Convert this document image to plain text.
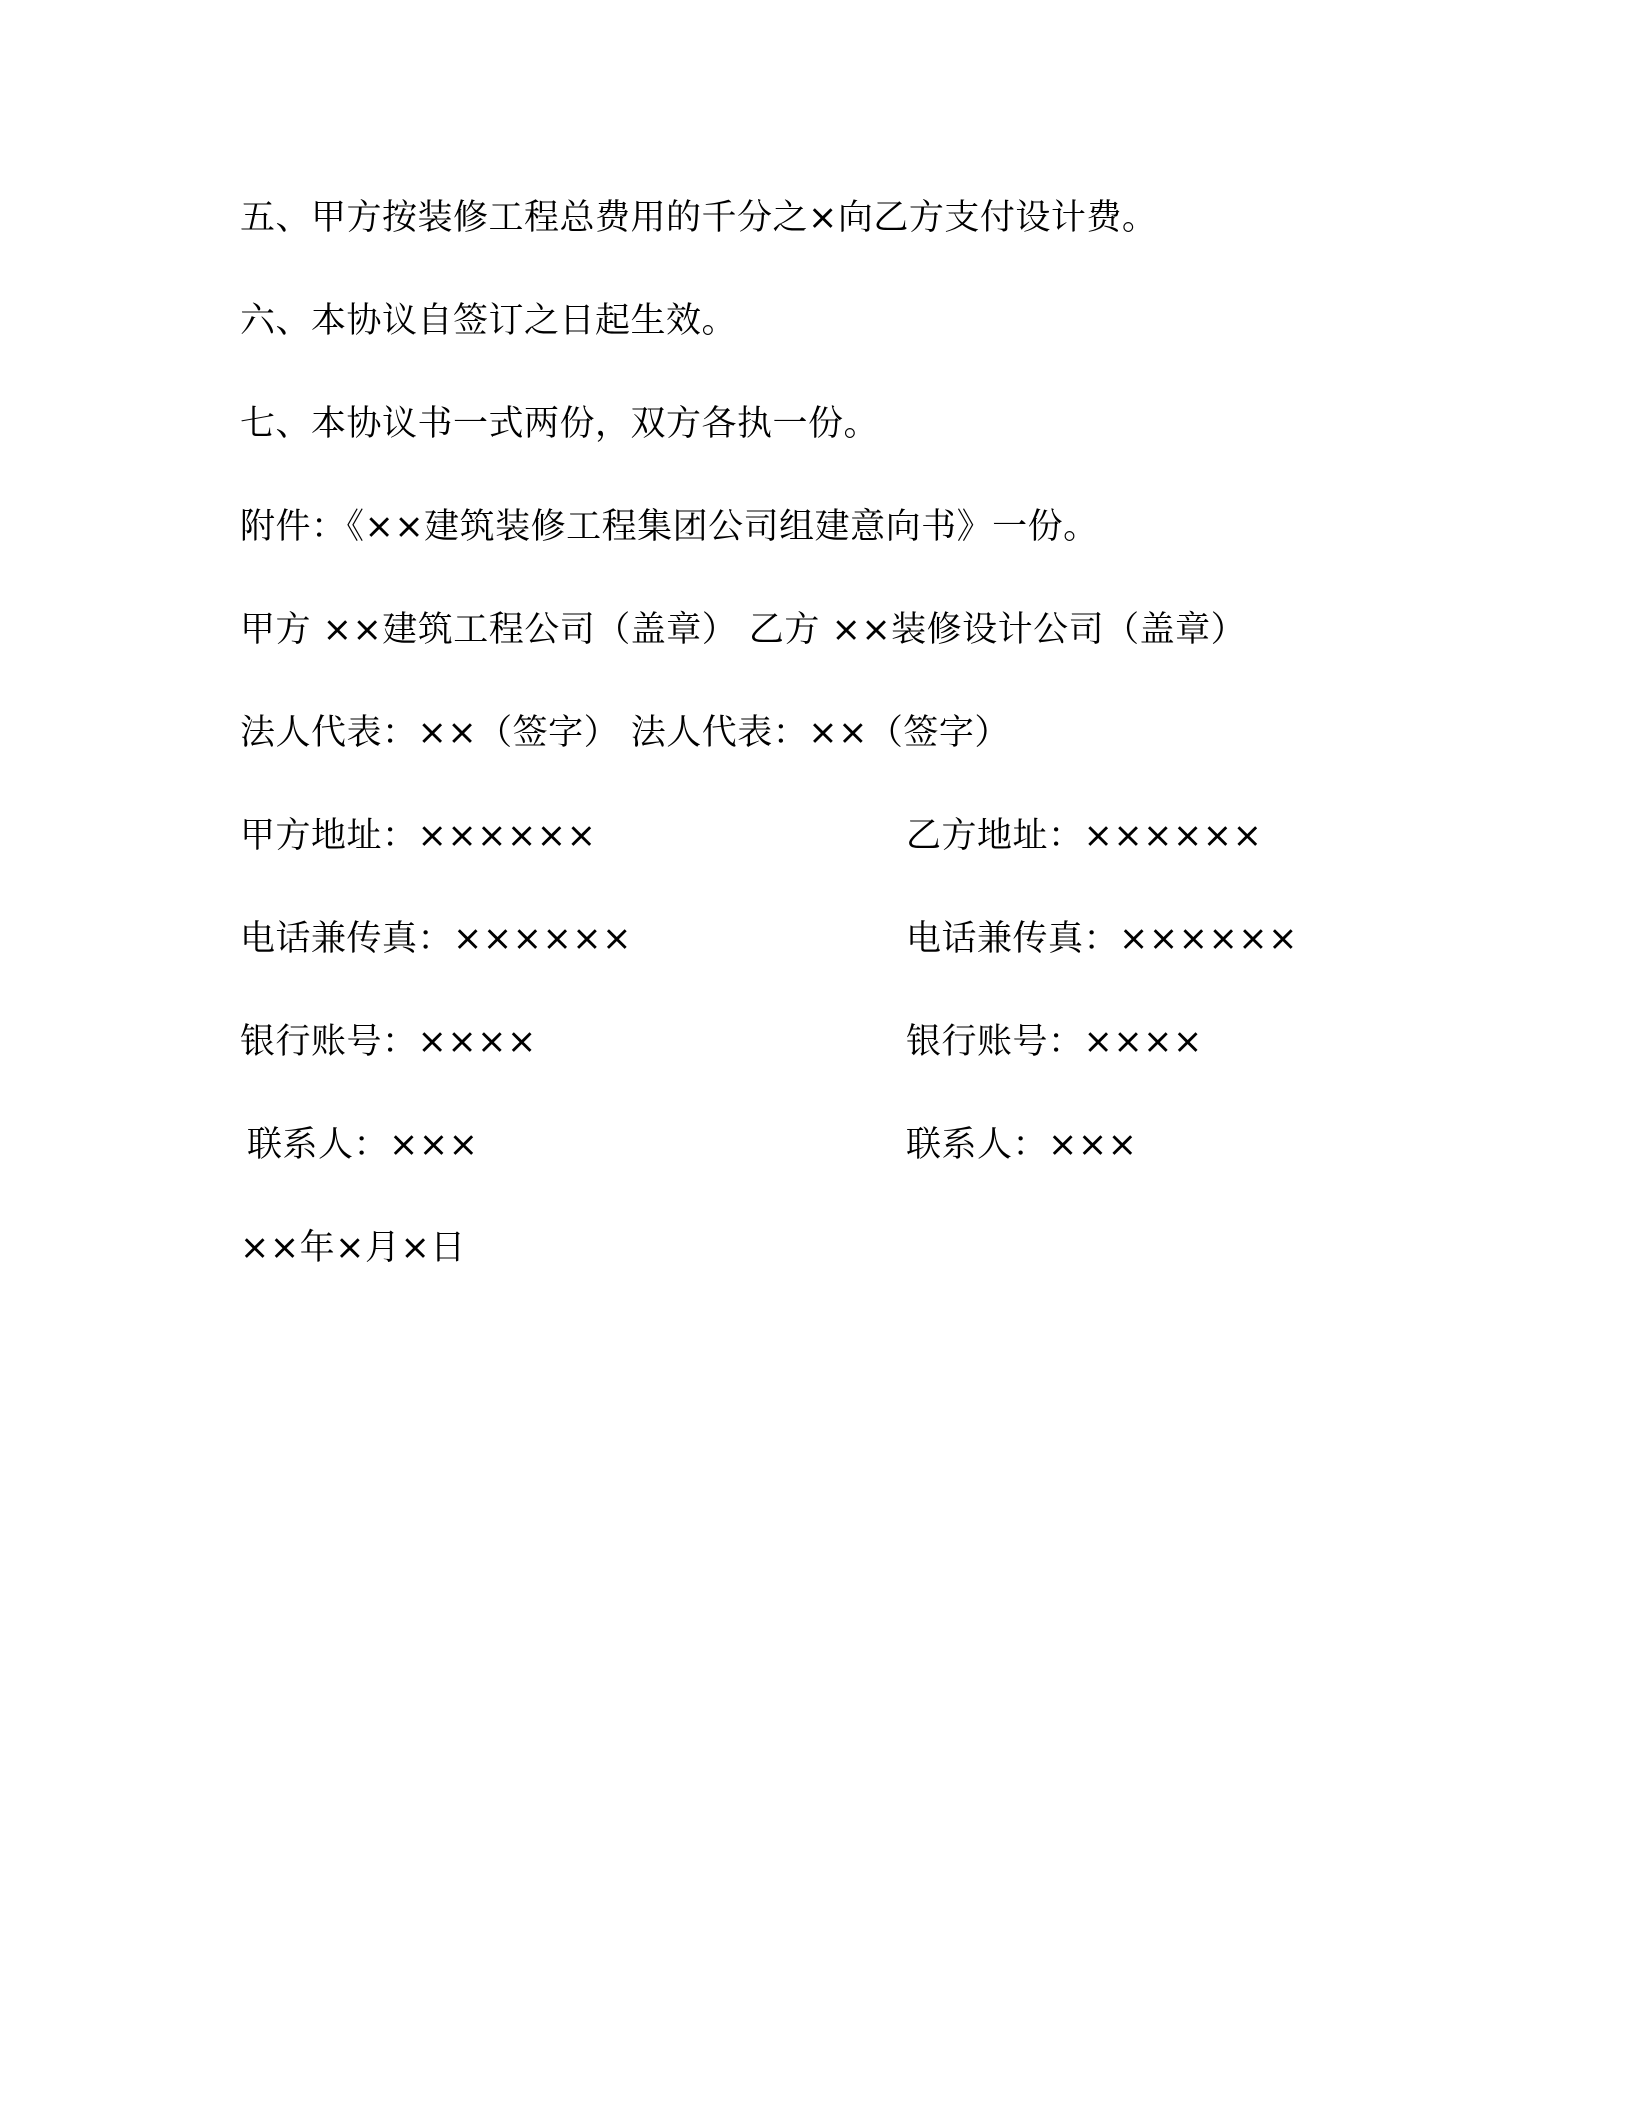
五、甲方按装修工程总费用的千分之×向乙方支付设计费。
六、本协议自签订之日起生效。
七、本协议书一式两份，双方各执一份。
附件：《××建筑装修工程集团公司组建意向书》一份。
甲方 ××建筑工程公司（盖章） 乙方 ××装修设计公司（盖章）
法人代表：××（签字） 法人代表：××（签字）
甲方地址：××××××	乙方地址：××××××
电话兼传真：××××××	电话兼传真：××××××
银行账号：××××	银行账号：××××
联系人：×××	联系人：×××
××年×月×日
